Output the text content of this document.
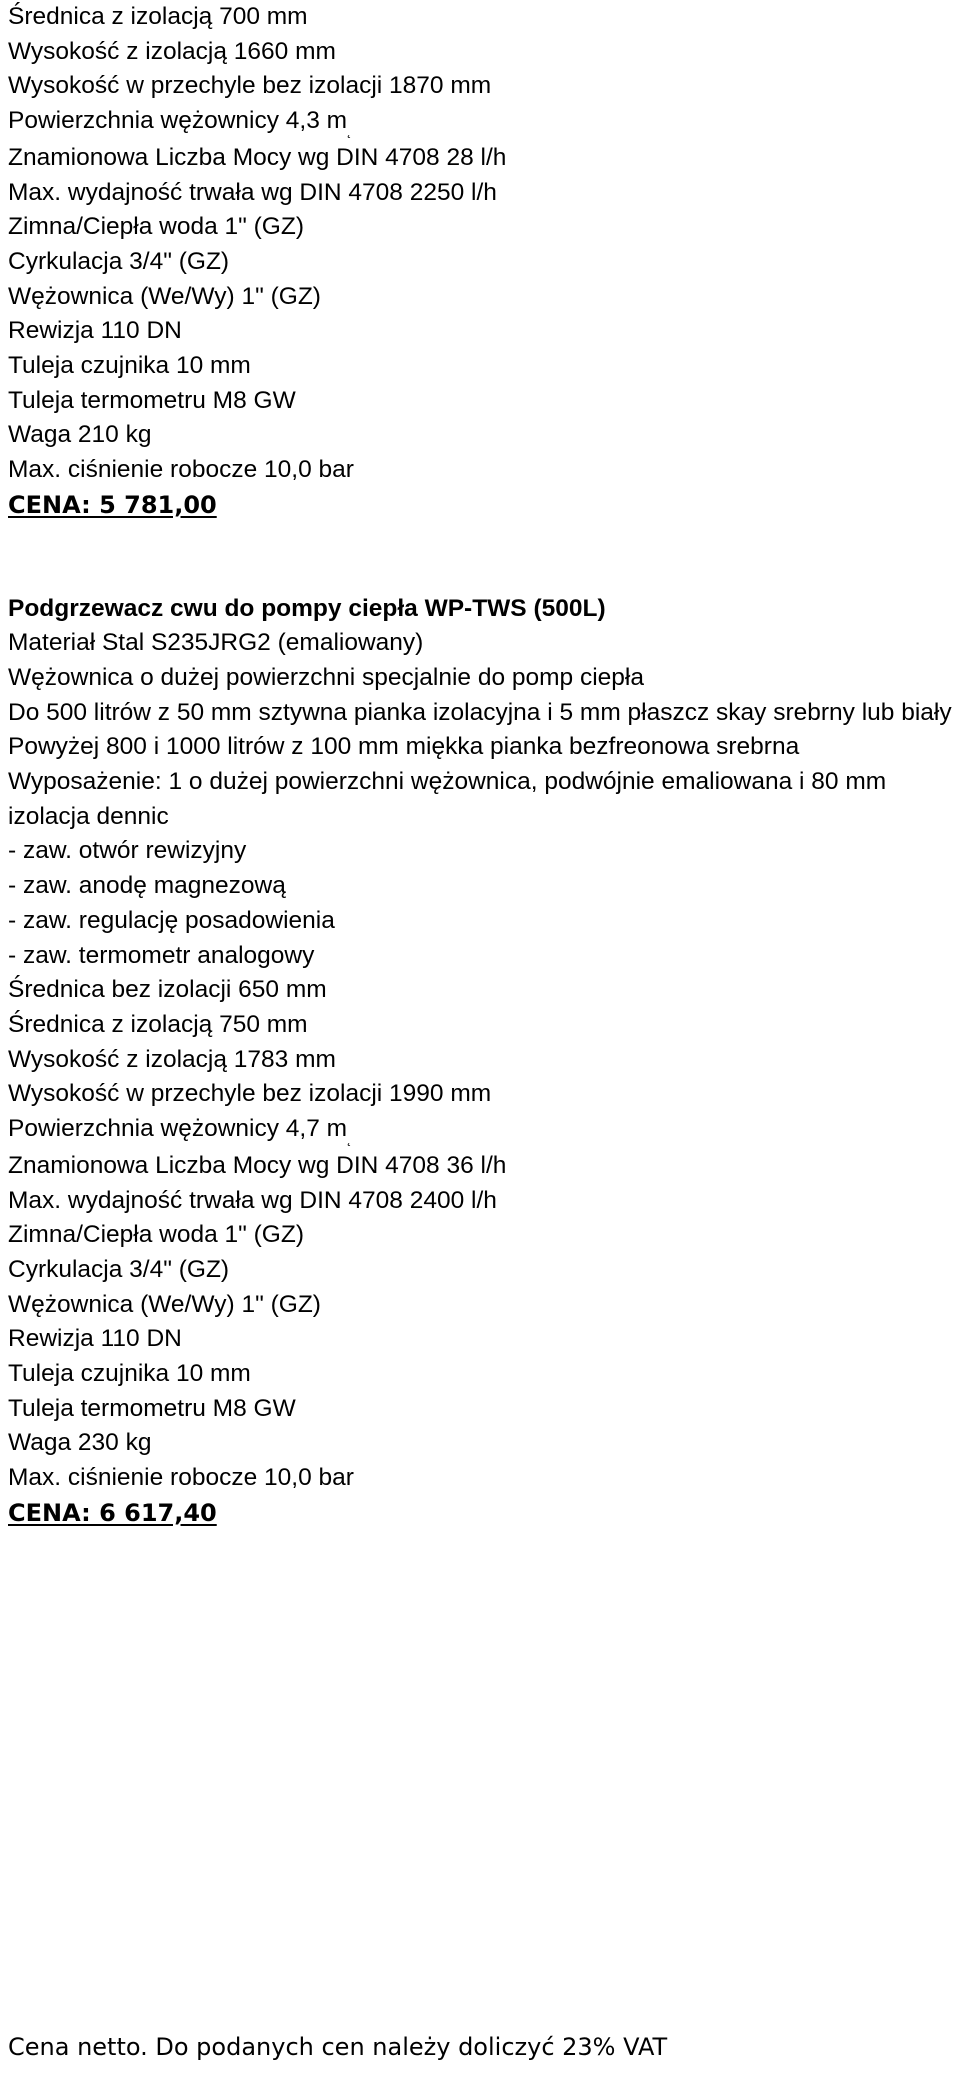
Średnica z izolacją 700 mm
Wysokość z izolacją 1660 mm
Wysokość w przechyle bez izolacji 1870 mm
Powierzchnia wężownicy 4,3 $m_˛$
Znamionowa Liczba Mocy wg DIN 4708 28 l/h
Max. wydajność trwała wg DIN 4708 2250 l/h
Zimna/Ciepła woda 1" (GZ)
Cyrkulacja 3/4" (GZ)
Wężownica (We/Wy) 1" (GZ)
Rewizja 110 DN
Tuleja czujnika 10 mm
Tuleja termometru M8 GW
Waga 210 kg
Max. ciśnienie robocze 10,0 bar
CENA: 5 781,00
Podgrzewacz cwu do pompy ciepła WP-TWS (500L)
Materiał Stal S235JRG2 (emaliowany)
Wężownica o dużej powierzchni specjalnie do pomp ciepła
Do 500 litrów z 50 mm sztywna pianka izolacyjna i 5 mm płaszcz skay srebrny lub biały
Powyżej 800 i 1000 litrów z 100 mm miękka pianka bezfreonowa srebrna
Wyposażenie: 1 o dużej powierzchni wężownica, podwójnie emaliowana i 80 mm izolacja dennic
- zaw. otwór rewizyjny
- zaw. anodę magnezową
- zaw. regulację posadowienia
- zaw. termometr analogowy
Średnica bez izolacji 650 mm
Średnica z izolacją 750 mm
Wysokość z izolacją 1783 mm
Wysokość w przechyle bez izolacji 1990 mm
Powierzchnia wężownicy 4,7 $m_˛$
Znamionowa Liczba Mocy wg DIN 4708 36 l/h
Max. wydajność trwała wg DIN 4708 2400 l/h
Zimna/Ciepła woda 1" (GZ)
Cyrkulacja 3/4" (GZ)
Wężownica (We/Wy) 1" (GZ)
Rewizja 110 DN
Tuleja czujnika 10 mm
Tuleja termometru M8 GW
Waga 230 kg
Max. ciśnienie robocze 10,0 bar
CENA: 6 617,40
Cena netto. Do podanych cen należy doliczyć 23% VAT
